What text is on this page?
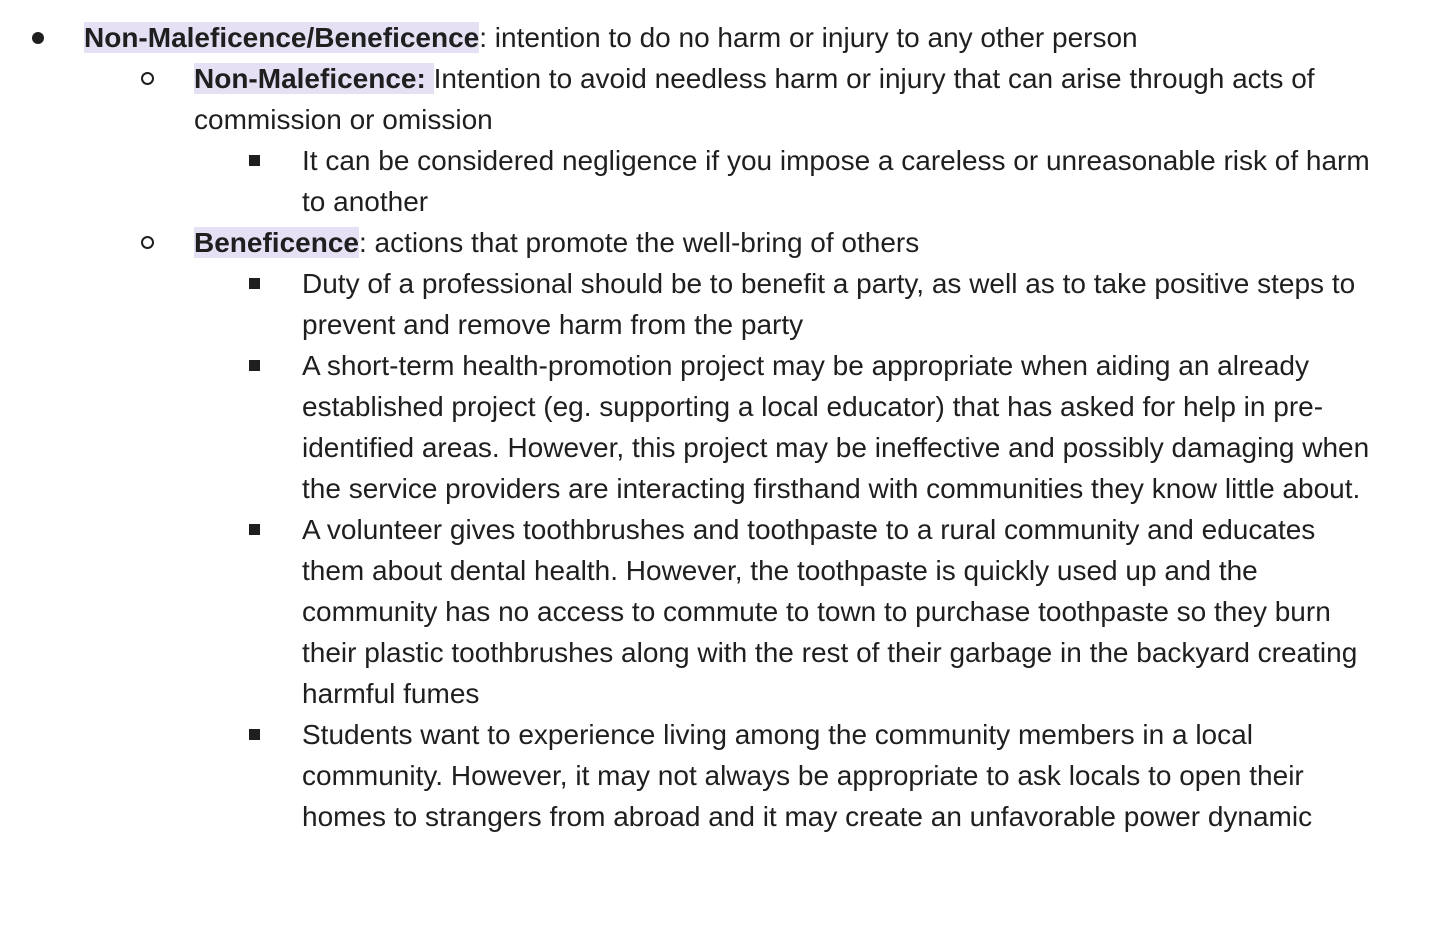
Non-Maleficence/Beneficence: intention to do no harm or injury to any other person
Non-Maleficence: Intention to avoid needless harm or injury that can arise through acts of commission or omission
It can be considered negligence if you impose a careless or unreasonable risk of harm to another
Beneficence: actions that promote the well-bring of others
Duty of a professional should be to benefit a party, as well as to take positive steps to prevent and remove harm from the party
A short-term health-promotion project may be appropriate when aiding an already established project (eg. supporting a local educator) that has asked for help in pre-identified areas. However, this project may be ineffective and possibly damaging when the service providers are interacting firsthand with communities they know little about.
A volunteer gives toothbrushes and toothpaste to a rural community and educates them about dental health. However, the toothpaste is quickly used up and the community has no access to commute to town to purchase toothpaste so they burn their plastic toothbrushes along with the rest of their garbage in the backyard creating harmful fumes
Students want to experience living among the community members in a local community. However, it may not always be appropriate to ask locals to open their homes to strangers from abroad and it may create an unfavorable power dynamic
